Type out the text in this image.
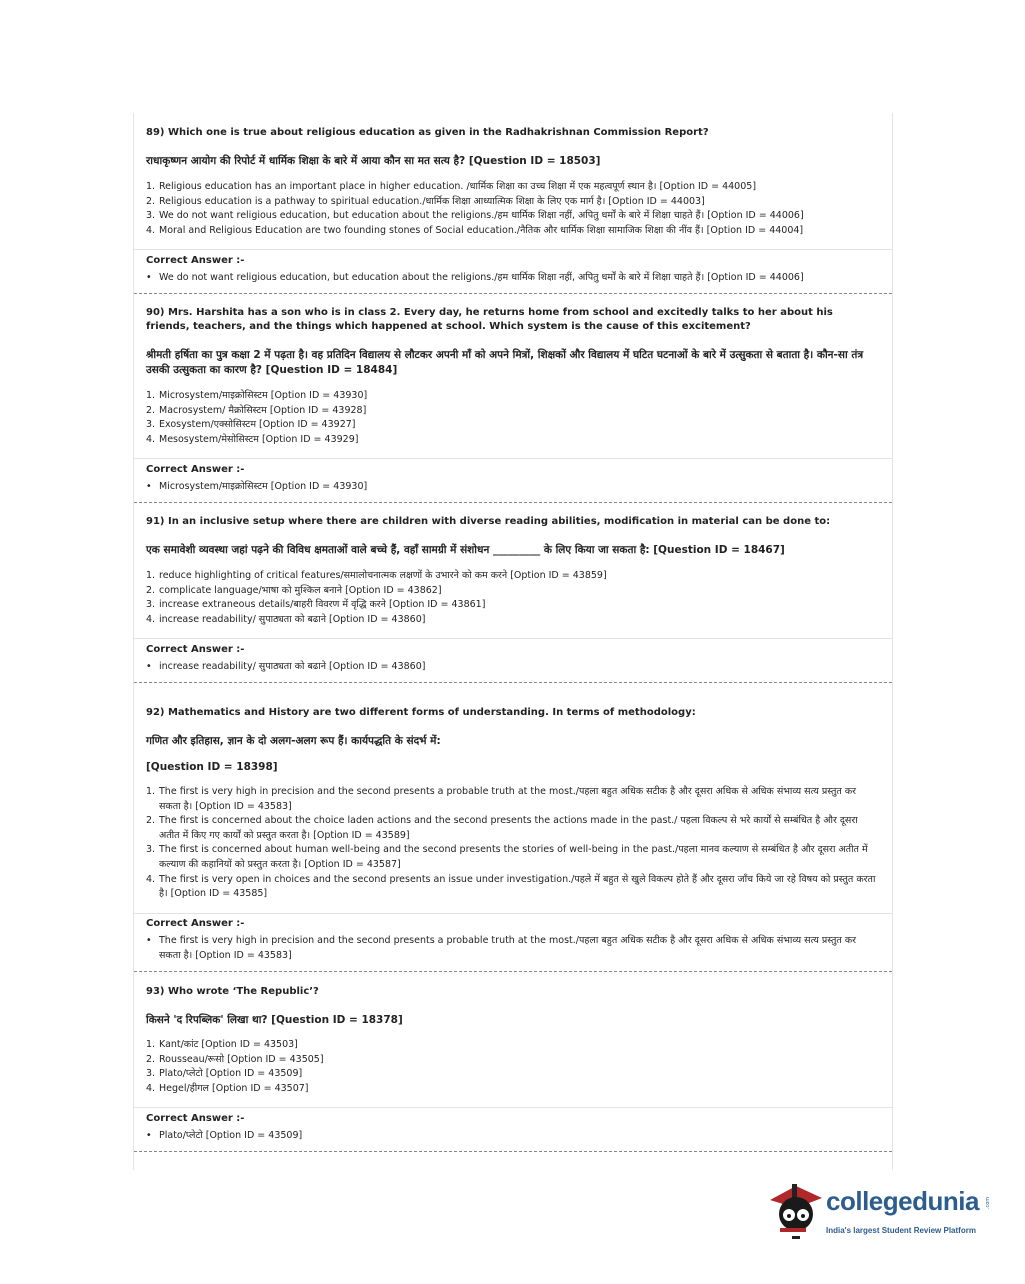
89) Which one is true about religious education as given in the Radhakrishnan Commission Report?
राधाकृष्णन आयोग की रिपोर्ट में धार्मिक शिक्षा के बारे में आया कौन सा मत सत्य है? [Question ID = 18503]
1. Religious education has an important place in higher education. /धार्मिक शिक्षा का उच्च शिक्षा में एक महत्वपूर्ण स्थान है। [Option ID = 44005]
2. Religious education is a pathway to spiritual education./धार्मिक शिक्षा आध्यात्मिक शिक्षा के लिए एक मार्ग है। [Option ID = 44003]
3. We do not want religious education, but education about the religions./हम धार्मिक शिक्षा नहीं, अपितु धर्मों के बारे में शिक्षा चाहते हैं। [Option ID = 44006]
4. Moral and Religious Education are two founding stones of Social education./नैतिक और धार्मिक शिक्षा सामाजिक शिक्षा की नींव हैं। [Option ID = 44004]
Correct Answer :-
• We do not want religious education, but education about the religions./हम धार्मिक शिक्षा नहीं, अपितु धर्मों के बारे में शिक्षा चाहते हैं। [Option ID = 44006]
90) Mrs. Harshita has a son who is in class 2. Every day, he returns home from school and excitedly talks to her about his friends, teachers, and the things which happened at school. Which system is the cause of this excitement?
श्रीमती हर्षिता का पुत्र कक्षा 2 में पढ़ता है। वह प्रतिदिन विद्यालय से लौटकर अपनी माँ को अपने मित्रों, शिक्षकों और विद्यालय में घटित घटनाओं के बारे में उत्सुकता से बताता है। कौन-सा तंत्र उसकी उत्सुकता का कारण है? [Question ID = 18484]
1. Microsystem/माइक्रोसिस्टम [Option ID = 43930]
2. Macrosystem/ मैक्रोसिस्टम [Option ID = 43928]
3. Exosystem/एक्सोसिस्टम [Option ID = 43927]
4. Mesosystem/मेसोसिस्टम [Option ID = 43929]
Correct Answer :-
• Microsystem/माइक्रोसिस्टम [Option ID = 43930]
91) In an inclusive setup where there are children with diverse reading abilities, modification in material can be done to:
एक समावेशी व्यवस्था जहां पढ़ने की विविध क्षमताओं वाले बच्चे हैं, वहाँ सामग्री में संशोधन _________ के लिए किया जा सकता है: [Question ID = 18467]
1. reduce highlighting of critical features/समालोचनात्मक लक्षणों के उभारने को कम करने [Option ID = 43859]
2. complicate language/भाषा को मुश्किल बनाने [Option ID = 43862]
3. increase extraneous details/बाहरी विवरण में वृद्धि करने [Option ID = 43861]
4. increase readability/ सुपाठ्यता को बढाने [Option ID = 43860]
Correct Answer :-
• increase readability/ सुपाठ्यता को बढाने [Option ID = 43860]
92) Mathematics and History are two different forms of understanding. In terms of methodology:
गणित और इतिहास, ज्ञान के दो अलग-अलग रूप हैं। कार्यपद्धति के संदर्भ में:
[Question ID = 18398]
1. The first is very high in precision and the second presents a probable truth at the most./पहला बहुत अधिक सटीक है और दूसरा अधिक से अधिक संभाव्य सत्य प्रस्तुत कर सकता है। [Option ID = 43583]
2. The first is concerned about the choice laden actions and the second presents the actions made in the past./ पहला विकल्प से भरे कार्यों से सम्बंधित है और दूसरा अतीत में किए गए कार्यों को प्रस्तुत करता है। [Option ID = 43589]
3. The first is concerned about human well-being and the second presents the stories of well-being in the past./पहला मानव कल्याण से सम्बंधित है और दूसरा अतीत में कल्याण की कहानियों को प्रस्तुत करता है। [Option ID = 43587]
4. The first is very open in choices and the second presents an issue under investigation./पहले में बहुत से खुले विकल्प होते हैं और दूसरा जाँच किये जा रहे विषय को प्रस्तुत करता है। [Option ID = 43585]
Correct Answer :-
• The first is very high in precision and the second presents a probable truth at the most./पहला बहुत अधिक सटीक है और दूसरा अधिक से अधिक संभाव्य सत्य प्रस्तुत कर सकता है। [Option ID = 43583]
93) Who wrote ‘The Republic’?
किसने 'द रिपब्लिक' लिखा था? [Question ID = 18378]
1. Kant/कांट [Option ID = 43503]
2. Rousseau/रूसो [Option ID = 43505]
3. Plato/प्लेटो [Option ID = 43509]
4. Hegel/हीगल [Option ID = 43507]
Correct Answer :-
• Plato/प्लेटो [Option ID = 43509]
collegedunia .com
India's largest Student Review Platform
